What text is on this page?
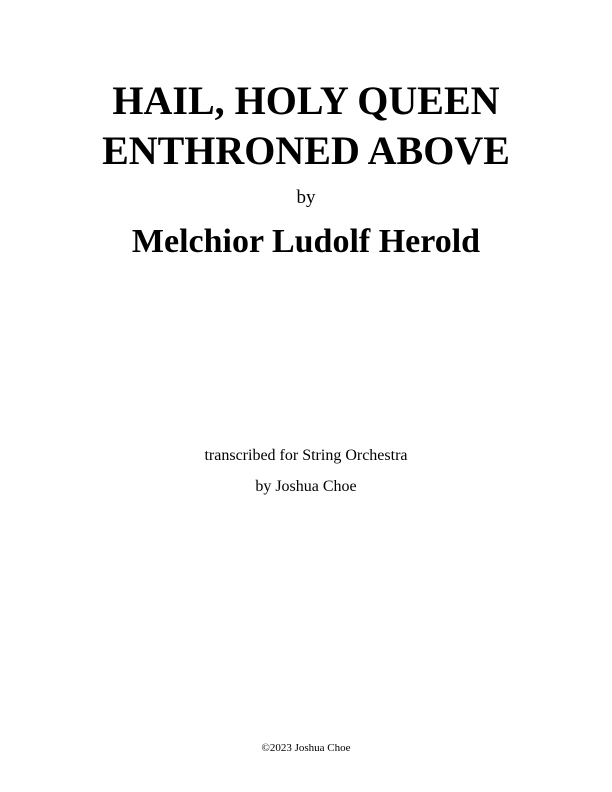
HAIL, HOLY QUEEN
ENTHRONED ABOVE
by
Melchior Ludolf Herold
transcribed for String Orchestra
by Joshua Choe
©2023 Joshua Choe
